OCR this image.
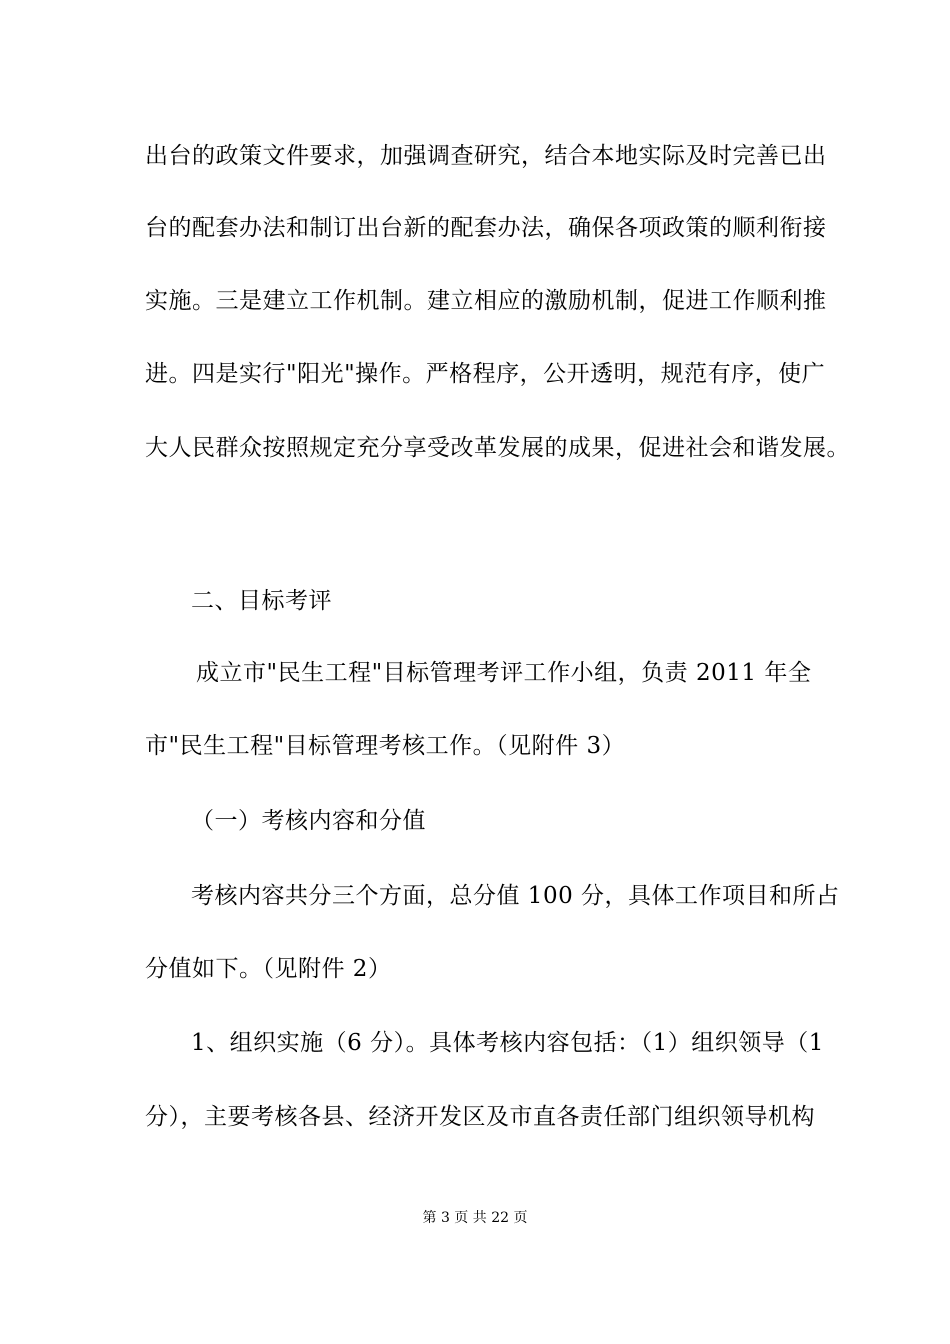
出台的政策文件要求，加强调查研究，结合本地实际及时完善已出
台的配套办法和制订出台新的配套办法，确保各项政策的顺利衔接
实施。三是建立工作机制。建立相应的激励机制，促进工作顺利推
进。四是实行"阳光"操作。严格程序，公开透明，规范有序，使广
大人民群众按照规定充分享受改革发展的成果，促进社会和谐发展。
二、目标考评
成立市"民生工程"目标管理考评工作小组，负责 2011 年全
市"民生工程"目标管理考核工作。（见附件 3）
（一）考核内容和分值
考核内容共分三个方面，总分值 100 分，具体工作项目和所占
分值如下。（见附件 2）
1、组织实施（6 分）。具体考核内容包括：（1）组织领导（1
分），主要考核各县、经济开发区及市直各责任部门组织领导机构
第 3 页 共 22 页
